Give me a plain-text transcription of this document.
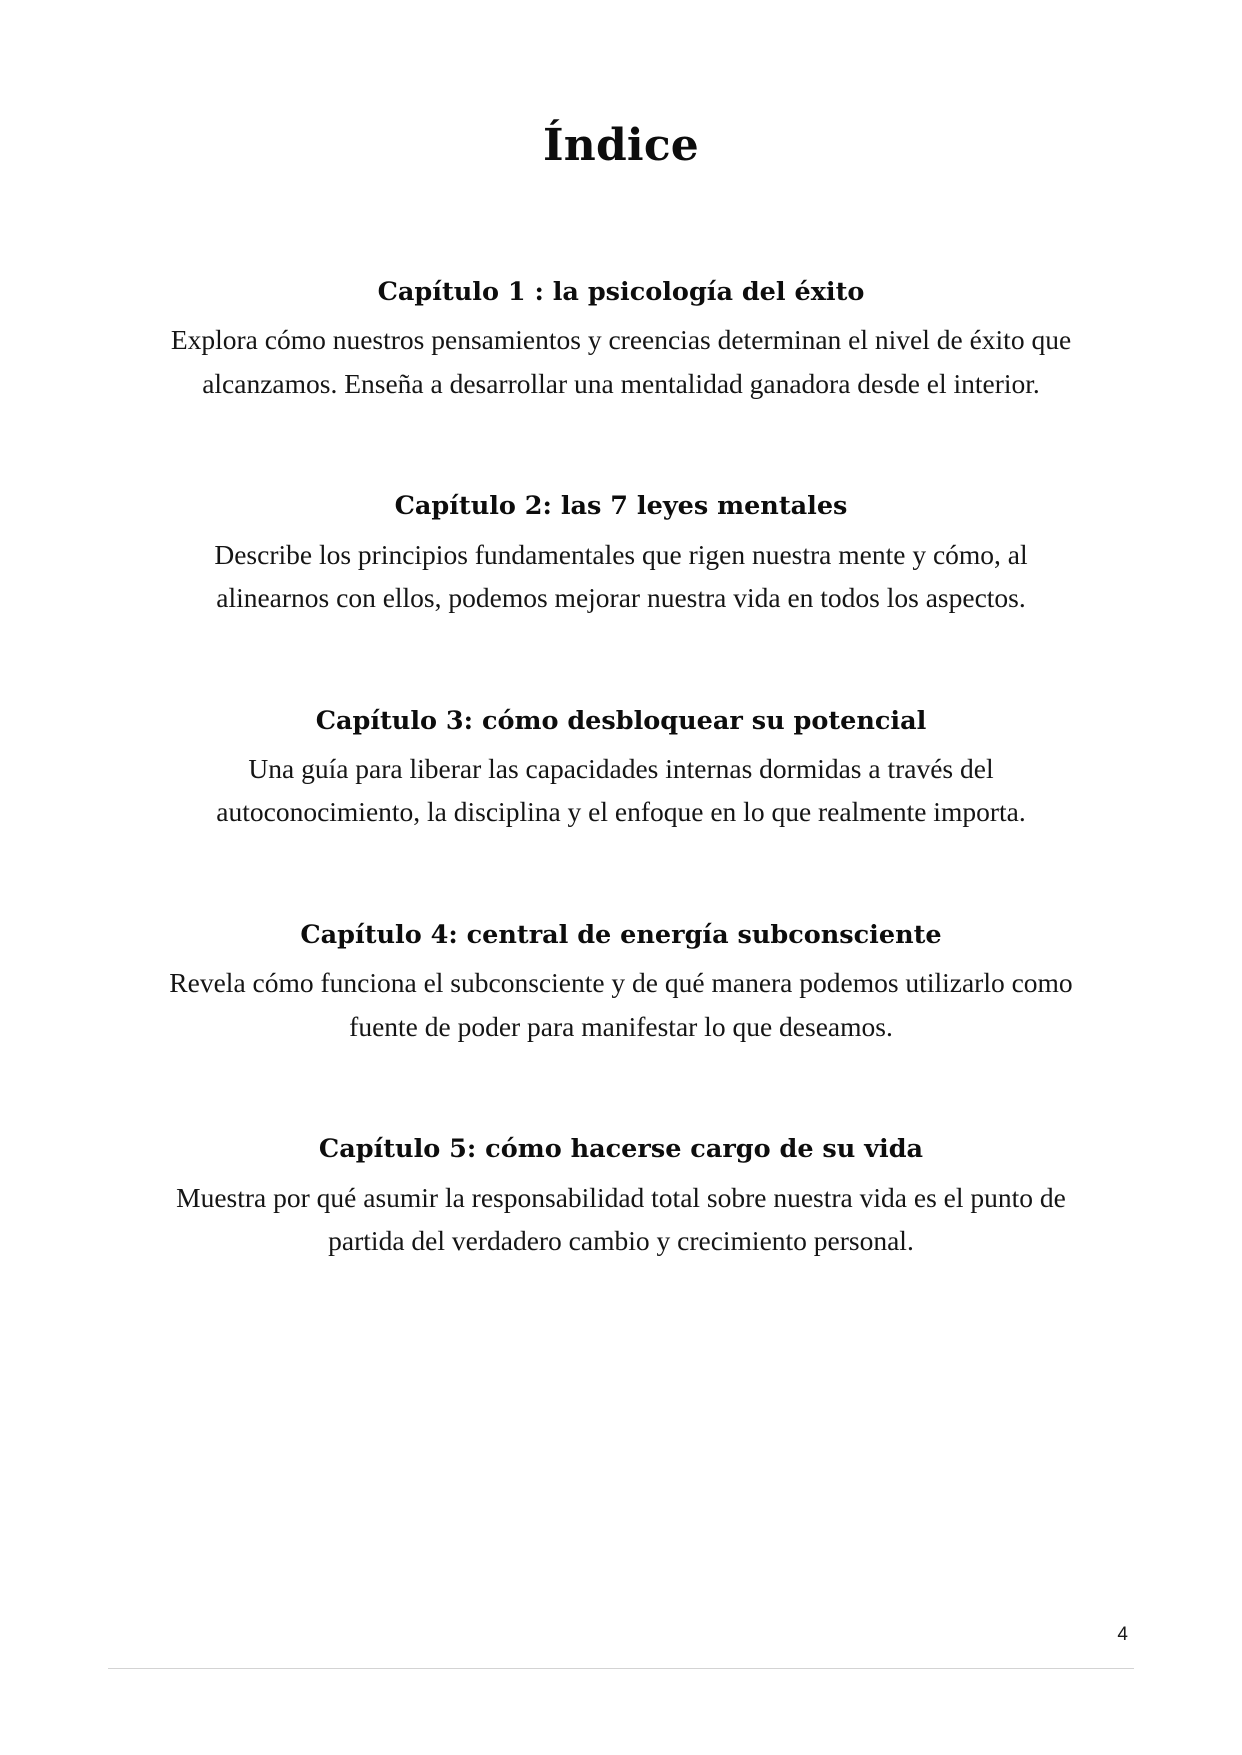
Índice
Capítulo 1 : la psicología del éxito
Explora cómo nuestros pensamientos y creencias determinan el nivel de éxito que alcanzamos. Enseña a desarrollar una mentalidad ganadora desde el interior.
Capítulo 2: las 7 leyes mentales
Describe los principios fundamentales que rigen nuestra mente y cómo, al alinearnos con ellos, podemos mejorar nuestra vida en todos los aspectos.
Capítulo 3: cómo desbloquear su potencial
Una guía para liberar las capacidades internas dormidas a través del autoconocimiento, la disciplina y el enfoque en lo que realmente importa.
Capítulo 4: central de energía subconsciente
Revela cómo funciona el subconsciente y de qué manera podemos utilizarlo como fuente de poder para manifestar lo que deseamos.
Capítulo 5: cómo hacerse cargo de su vida
Muestra por qué asumir la responsabilidad total sobre nuestra vida es el punto de partida del verdadero cambio y crecimiento personal.
4
